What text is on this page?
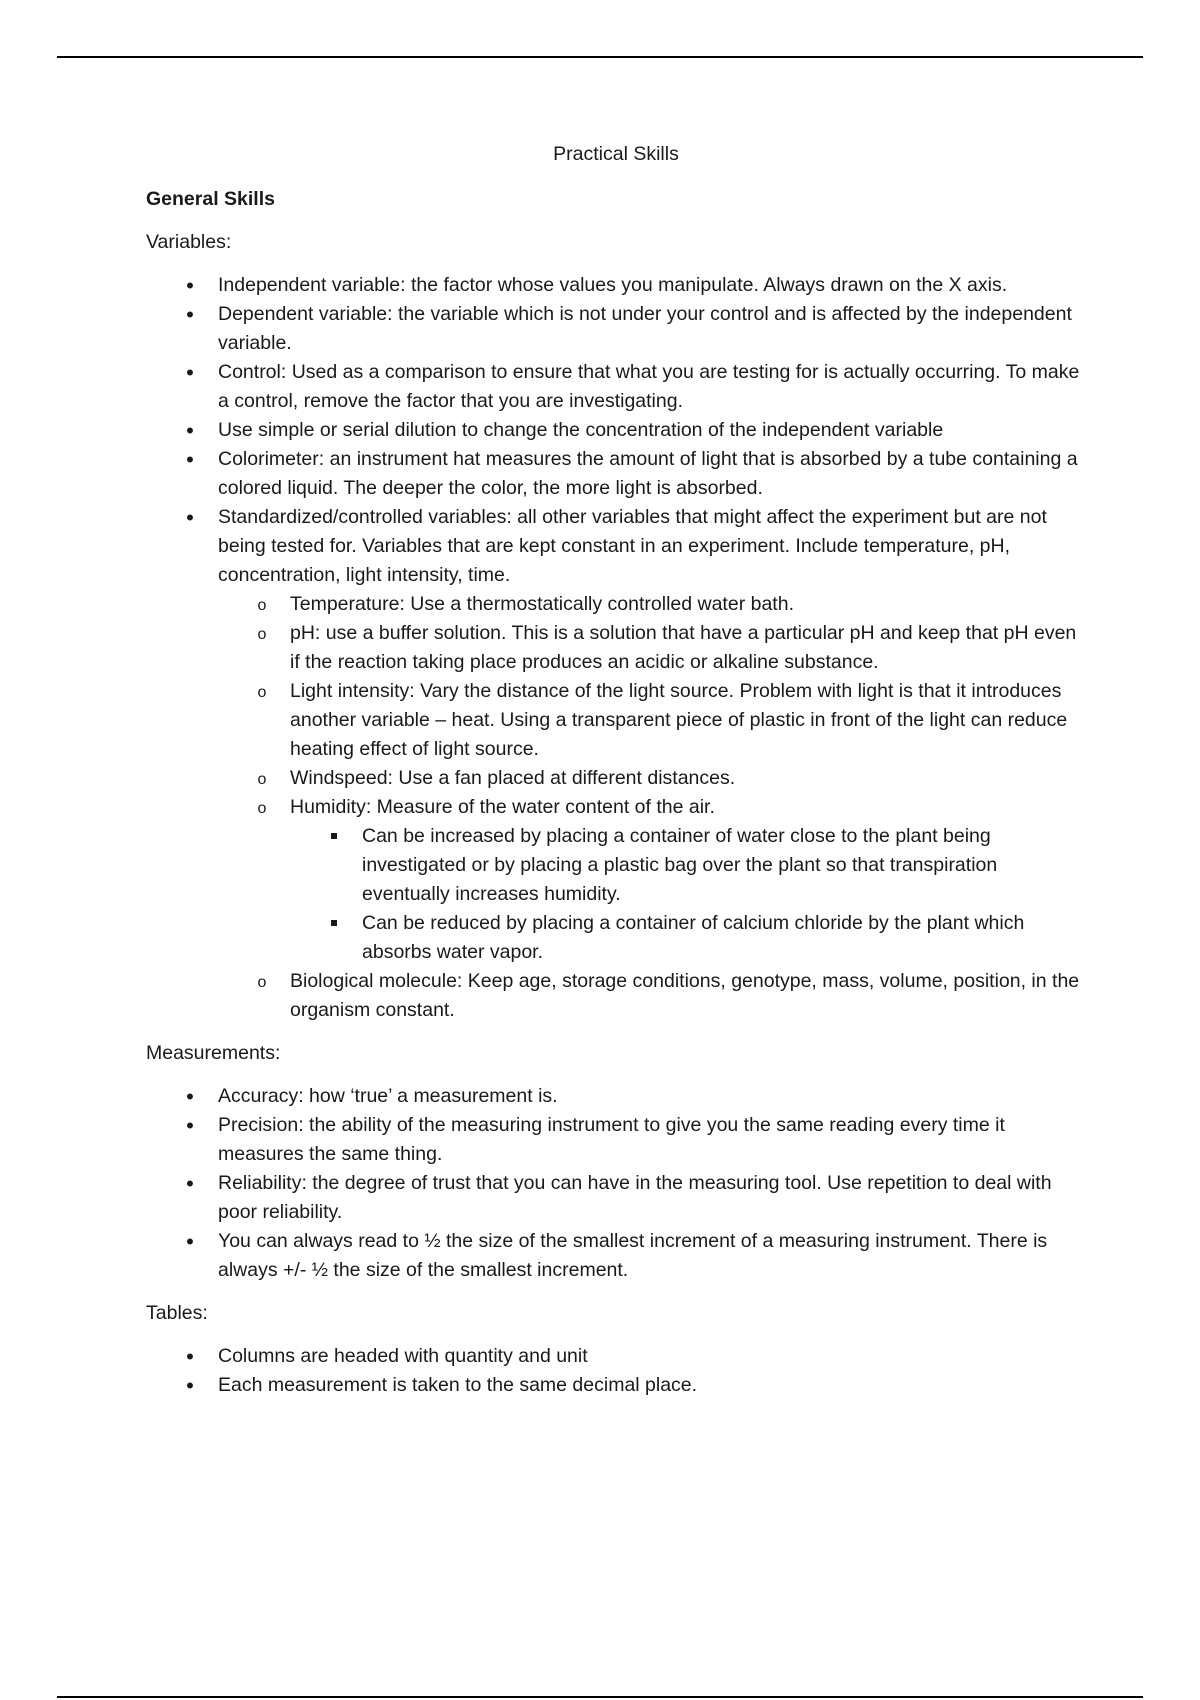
Practical Skills
General Skills
Variables:
•
Independent variable: the factor whose values you manipulate. Always drawn on the X axis.
•
Dependent variable: the variable which is not under your control and is affected by the independent variable.
•
Control: Used as a comparison to ensure that what you are testing for is actually occurring. To make a control, remove the factor that you are investigating.
•
Use simple or serial dilution to change the concentration of the independent variable
•
Colorimeter: an instrument hat measures the amount of light that is absorbed by a tube containing a colored liquid. The deeper the color, the more light is absorbed.
•
Standardized/controlled variables: all other variables that might affect the experiment but are not being tested for. Variables that are kept constant in an experiment. Include temperature, pH, concentration, light intensity, time.
o
Temperature: Use a thermostatically controlled water bath.
o
pH: use a buffer solution. This is a solution that have a particular pH and keep that pH even if the reaction taking place produces an acidic or alkaline substance.
o
Light intensity: Vary the distance of the light source. Problem with light is that it introduces another variable – heat. Using a transparent piece of plastic in front of the light can reduce heating effect of light source.
o
Windspeed: Use a fan placed at different distances.
o
Humidity: Measure of the water content of the air.
Can be increased by placing a container of water close to the plant being investigated or by placing a plastic bag over the plant so that transpiration eventually increases humidity.
Can be reduced by placing a container of calcium chloride by the plant which absorbs water vapor.
o
Biological molecule: Keep age, storage conditions, genotype, mass, volume, position, in the organism constant.
Measurements:
•
Accuracy: how ‘true’ a measurement is.
•
Precision: the ability of the measuring instrument to give you the same reading every time it measures the same thing.
•
Reliability: the degree of trust that you can have in the measuring tool. Use repetition to deal with poor reliability.
•
You can always read to ½ the size of the smallest increment of a measuring instrument. There is always +/- ½ the size of the smallest increment.
Tables:
•
Columns are headed with quantity and unit
•
Each measurement is taken to the same decimal place.
